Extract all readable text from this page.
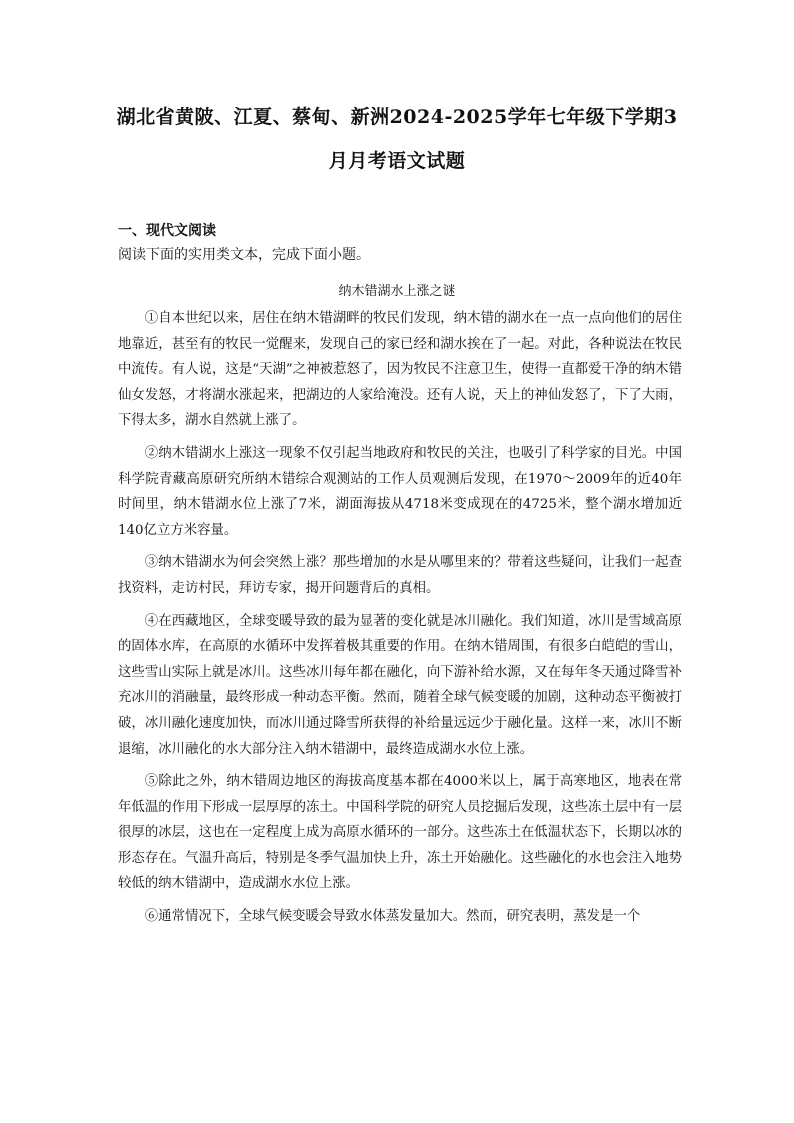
湖北省黄陂、江夏、蔡甸、新洲2024-2025学年七年级下学期3
月月考语文试题
一、现代文阅读
阅读下面的实用类文本，完成下面小题。
纳木错湖水上涨之谜

①自本世纪以来，居住在纳木错湖畔的牧民们发现，纳木错的湖水在一点一点向他们的居住地靠近，甚至有的牧民一觉醒来，发现自己的家已经和湖水挨在了一起。对此，各种说法在牧民中流传。有人说，这是“天湖”之神被惹怒了，因为牧民不注意卫生，使得一直都爱干净的纳木错仙女发怒，才将湖水涨起来，把湖边的人家给淹没。还有人说，天上的神仙发怒了，下了大雨，下得太多，湖水自然就上涨了。

②纳木错湖水上涨这一现象不仅引起当地政府和牧民的关注，也吸引了科学家的目光。中国科学院青藏高原研究所纳木错综合观测站的工作人员观测后发现，在1970～2009年的近40年时间里，纳木错湖水位上涨了7米，湖面海拔从4718米变成现在的4725米，整个湖水增加近140亿立方米容量。

③纳木错湖水为何会突然上涨？那些增加的水是从哪里来的？带着这些疑问，让我们一起查找资料，走访村民，拜访专家，揭开问题背后的真相。

④在西藏地区，全球变暖导致的最为显著的变化就是冰川融化。我们知道，冰川是雪域高原的固体水库，在高原的水循环中发挥着极其重要的作用。在纳木错周围，有很多白皑皑的雪山，这些雪山实际上就是冰川。这些冰川每年都在融化，向下游补给水源，又在每年冬天通过降雪补充冰川的消融量，最终形成一种动态平衡。然而，随着全球气候变暖的加剧，这种动态平衡被打破，冰川融化速度加快，而冰川通过降雪所获得的补给量远远少于融化量。这样一来，冰川不断退缩，冰川融化的水大部分注入纳木错湖中，最终造成湖水水位上涨。

⑤除此之外，纳木错周边地区的海拔高度基本都在4000米以上，属于高寒地区，地表在常年低温的作用下形成一层厚厚的冻土。中国科学院的研究人员挖掘后发现，这些冻土层中有一层很厚的冰层，这也在一定程度上成为高原水循环的一部分。这些冻土在低温状态下，长期以冰的形态存在。气温升高后，特别是冬季气温加快上升，冻土开始融化。这些融化的水也会注入地势较低的纳木错湖中，造成湖水水位上涨。

⑥通常情况下，全球气候变暖会导致水体蒸发量加大。然而，研究表明，蒸发是一个
